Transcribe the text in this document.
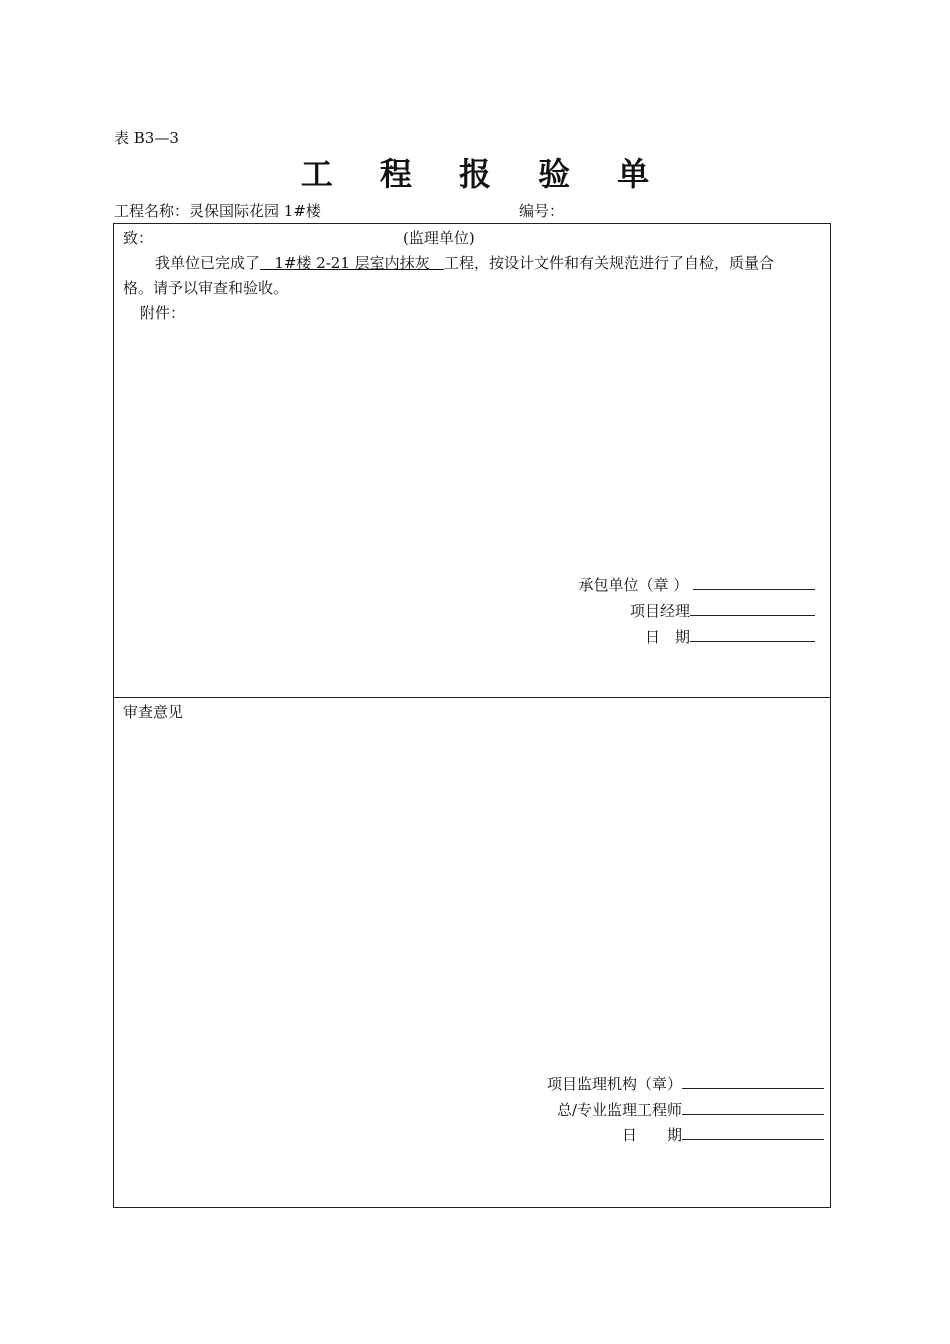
表 B3—3
工 程 报 验 单
工程名称：灵保国际花园 1#楼	编号：
致：	(监理单位)
我单位已完成了   1#楼 2-21 层室内抹灰   工程，按设计文件和有关规范进行了自检，质量合
格。请予以审查和验收。
附件：
承包单位（章 ）
项目经理
日　期
审查意见
项目监理机构（章）
总/专业监理工程师
日　　期
